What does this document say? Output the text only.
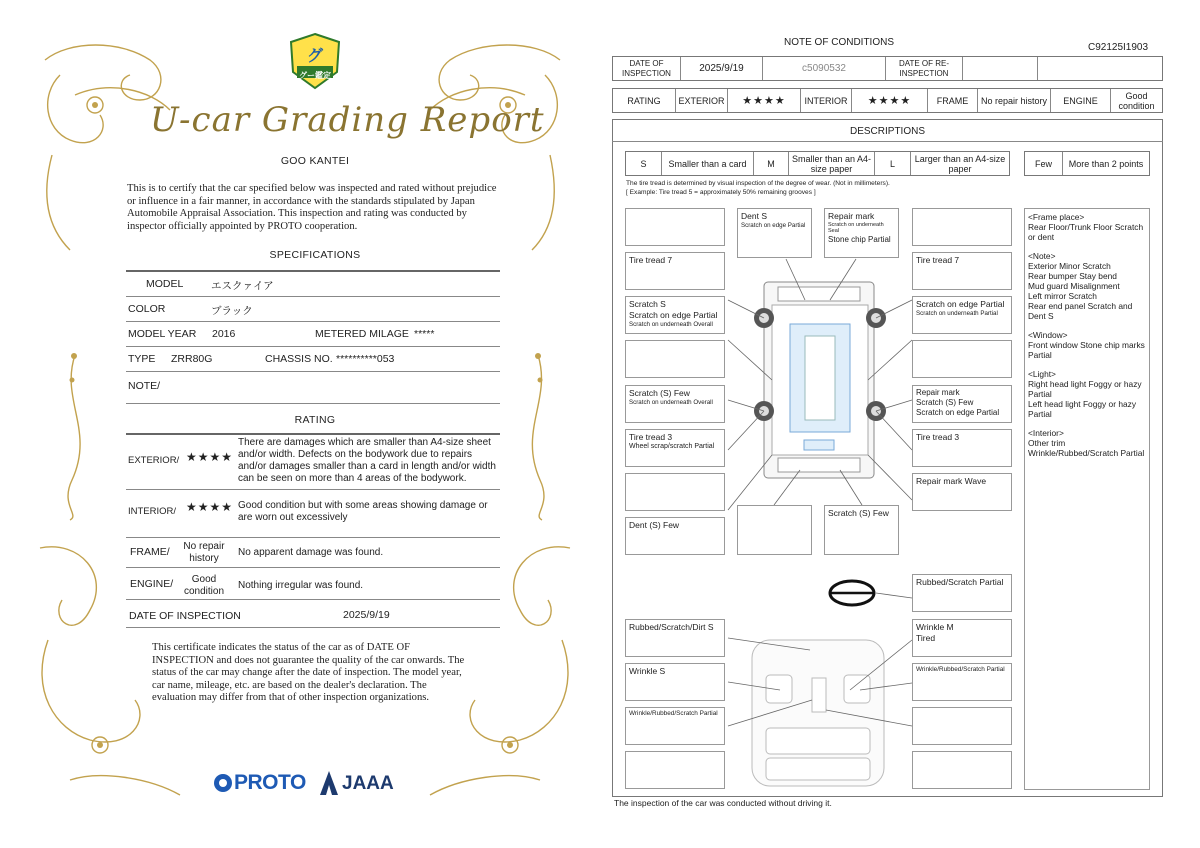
グ
グー鑑定
U-car Grading Report
GOO KANTEI
This is to certify that the car specified below was inspected and rated without prejudice or influence in a fair manner, in accordance with the standards stipulated by Japan Automobile Appraisal Association. This inspection and rating was conducted by inspector officially appointed by PROTO cooperation.
SPECIFICATIONS
MODEL	エスクァイア
COLOR	ブラック
MODEL YEAR 2016	METERED MILAGE *****
TYPE ZRR80G	CHASSIS NO. **********053
NOTE/
RATING
EXTERIOR/ ★★★★
There are damages which are smaller than A4-size sheet and/or width. Defects on the bodywork due to repairs and/or damages smaller than a card in length and/or width can be seen on more than 4 areas of the bodywork.
INTERIOR/ ★★★★ Good condition but with some areas showing damage or are worn out excessively
FRAME/	No repair history
No apparent damage was found.
ENGINE/	Good condition
Nothing irregular was found.
DATE OF INSPECTION	2025/9/19
This certificate indicates the status of the car as of DATE OF INSPECTION and does not guarantee the quality of the car onwards. The status of the car may change after the date of inspection. The model year, car name, mileage, etc. are based on the dealer's declaration. The evaluation may differ from that of other inspection organizations.
PROTO JAAA
NOTE OF CONDITIONS	C92125I1903
DATE OF INSPECTION	2025/9/19	c5090532	DATE OF RE-INSPECTION
RATING	EXTERIOR	★★★★	INTERIOR	★★★★	FRAME	No repair history	ENGINE	Good condition
DESCRIPTIONS
S	Smaller than a card	M	Smaller than an A4-size paper	L	Larger than an A4-size paper	Few	More than 2 points
The tire tread is determined by visual inspection of the degree of wear. (Not in millimeters).
[ Example: Tire tread 5 = approximately 50% remaining grooves ]
Tire tread 7
Scratch S
Scratch on edge Partial
Scratch on underneath Overall
Scratch (S) Few
Scratch on underneath Overall
Tire tread 3
Wheel scrap/scratch Partial
Dent (S) Few
Dent S
Scratch on edge Partial
Repair mark
Scratch on underneath
Seal
Stone chip Partial
Scratch (S) Few
Tire tread 7
Scratch on edge Partial
Scratch on underneath Partial
Repair mark
Scratch (S) Few
Scratch on edge Partial
Tire tread 3
Repair mark Wave
Rubbed/Scratch Partial
Rubbed/Scratch/Dirt S	Wrinkle M
Tired
Wrinkle S	Wrinkle/Rubbed/Scratch Partial
Wrinkle/Rubbed/Scratch Partial
<Frame place>
Rear Floor/Trunk Floor Scratch or dent
<Note>
Exterior Minor Scratch
Rear bumper Stay bend
Mud guard Misalignment
Left mirror Scratch
Rear end panel Scratch and Dent S
<Window>
Front window Stone chip marks Partial
<Light>
Right head light Foggy or hazy Partial
Left head light Foggy or hazy Partial
<Interior>
Other trim
Wrinkle/Rubbed/Scratch Partial
The inspection of the car was conducted without driving it.
